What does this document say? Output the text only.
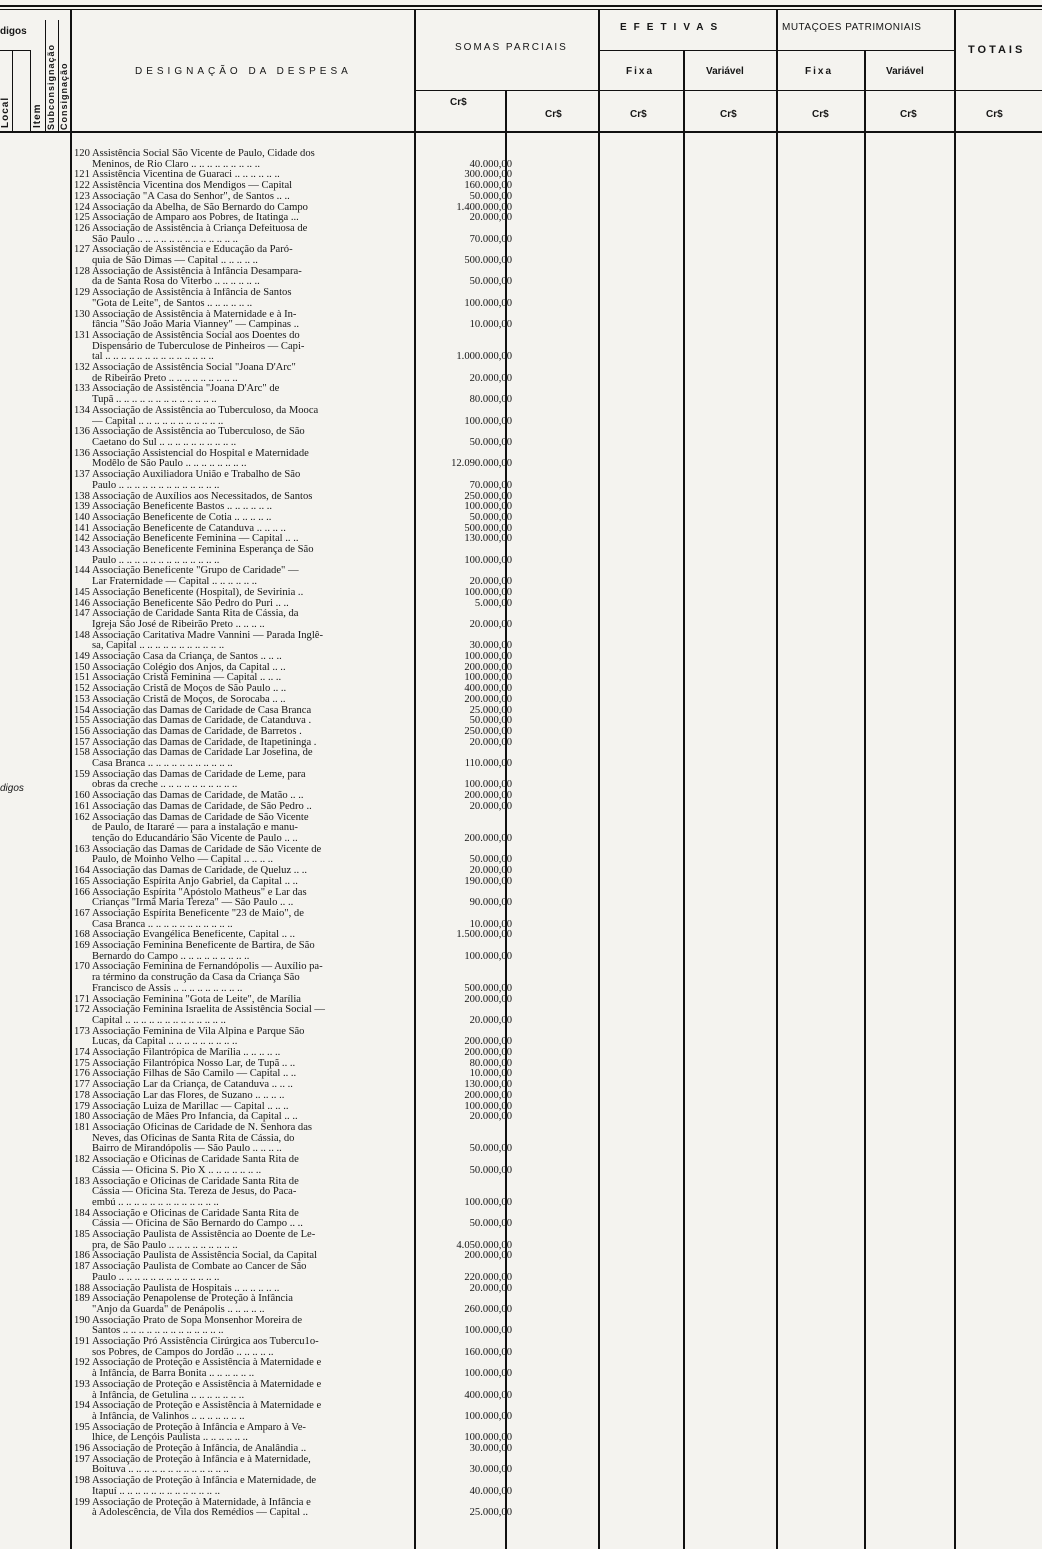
digos
Local Item Subconsignação Consignação	DESIGNAÇÃO DA DESPESA
SOMAS PARCIAIS
EFETIVAS	MUTAÇOES PATRIMONIAIS
TOTAIS
Fixa	Variável	Fixa	Variável
Cr$
Cr$	Cr$	Cr$	Cr$	Cr$	Cr$
digos
120 Assistência Social São Vicente de Paulo, Cidade dos
Meninos, de Rio Claro .. .. .. .. .. .. .. .. ..	40.000,00
121 Assistência Vicentina de Guaraci .. .. .. .. .. ..	300.000,00
122 Assistência Vicentina dos Mendigos — Capital	160.000,00
123 Associação "A Casa do Senhor", de Santos .. ..	50.000,00
124 Associação da Abelha, de São Bernardo do Campo	1.400.000,00
125 Associação de Amparo aos Pobres, de Itatinga ...	20.000,00
126 Associação de Assistência à Criança Defeituosa de
São Paulo .. .. .. .. .. .. .. .. .. .. .. .. ..	70.000,00
127 Associação de Assistência e Educação da Paró-
quia de São Dimas — Capital .. .. .. .. ..	500.000,00
128 Associação de Assistência à Infância Desampara-
da de Santa Rosa do Viterbo .. .. .. .. .. ..	50.000,00
129 Associação de Assistência à Infância de Santos
"Gota de Leite", de Santos .. .. .. .. .. ..	100.000,00
130 Associação de Assistência à Maternidade e à In-
fância "São João Maria Vianney" — Campinas ..	10.000,00
131 Associação de Assistência Social aos Doentes do
Dispensário de Tuberculose de Pinheiros — Capi-
tal .. .. .. .. .. .. .. .. .. .. .. .. .. ..	1.000.000,00
132 Associação de Assistência Social "Joana D'Arc"
de Ribeirão Preto .. .. .. .. .. .. .. .. ..	20.000,00
133 Associação de Assistência "Joana D'Arc" de
Tupã .. .. .. .. .. .. .. .. .. .. .. .. ..	80.000,00
134 Associação de Assistência ao Tuberculoso, da Mooca
— Capital .. .. .. .. .. .. .. .. .. .. ..	100.000,00
136 Associação de Assistência ao Tuberculoso, de São
Caetano do Sul .. .. .. .. .. .. .. .. .. ..	50.000,00
136 Associação Assistencial do Hospital e Maternidade
Modêlo de São Paulo .. .. .. .. .. .. .. ..	12.090.000,00
137 Associação Auxiliadora União e Trabalho de São
Paulo .. .. .. .. .. .. .. .. .. .. .. .. ..	70.000,00
138 Associação de Auxílios aos Necessitados, de Santos	250.000,00
139 Associação Beneficente Bastos .. .. .. .. .. ..	100.000,00
140 Associação Beneficente de Cotia .. .. .. .. ..	50.000,00
141 Associação Beneficente de Catanduva .. .. .. ..	500.000,00
142 Associação Beneficente Feminina — Capital .. ..	130.000,00
143 Associação Beneficente Feminina Esperança de São
Paulo .. .. .. .. .. .. .. .. .. .. .. .. ..	100.000,00
144 Associação Beneficente "Grupo de Caridade" —
Lar Fraternidade — Capital .. .. .. .. .. ..	20.000,00
145 Associação Beneficente (Hospital), de Sevirinia ..	100.000,00
146 Associação Beneficente São Pedro do Puri .. ..	5.000,00
147 Associação de Caridade Santa Rita de Cássia, da
Igreja São José de Ribeirão Preto .. .. .. ..	20.000,00
148 Associação Caritativa Madre Vannini — Parada Inglê-
sa, Capital .. .. .. .. .. .. .. .. .. .. ..	30.000,00
149 Associação Casa da Criança, de Santos .. .. ..	100.000,00
150 Associação Colégio dos Anjos, da Capital .. ..	200.000,00
151 Associação Cristã Feminina — Capital .. .. ..	100.000,00
152 Associação Cristã de Moços de São Paulo .. ..	400.000,00
153 Associação Cristã de Moços, de Sorocaba .. ..	200.000,00
154 Associação das Damas de Caridade de Casa Branca	25.000,00
155 Associação das Damas de Caridade, de Catanduva .	50.000,00
156 Associação das Damas de Caridade, de Barretos .	250.000,00
157 Associação das Damas de Caridade, de Itapetininga .	20.000,00
158 Associação das Damas de Caridade Lar Josefina, de
Casa Branca .. .. .. .. .. .. .. .. .. .. ..	110.000,00
159 Associação das Damas de Caridade de Leme, para
obras da creche .. .. .. .. .. .. .. .. .. ..	100.000,00
160 Associação das Damas de Caridade, de Matão .. ..	200.000,00
161 Associação das Damas de Caridade, de São Pedro ..	20.000,00
162 Associação das Damas de Caridade de São Vicente
de Paulo, de Itararé — para a instalação e manu-
tenção do Educandário São Vicente de Paulo .. ..	200.000,00
163 Associação das Damas de Caridade de São Vicente de
Paulo, de Moinho Velho — Capital .. .. .. ..	50.000,00
164 Associação das Damas de Caridade, de Queluz .. ..	20.000,00
165 Associação Espírita Anjo Gabriel, da Capital .. ..	190.000,00
166 Associação Espírita "Apóstolo Matheus" e Lar das
Crianças "Irmã Maria Tereza" — São Paulo .. ..	90.000,00
167 Associação Espírita Beneficente "23 de Maio", de
Casa Branca .. .. .. .. .. .. .. .. .. .. ..	10.000,00
168 Associação Evangélica Beneficente, Capital .. ..	1.500.000,00
169 Associação Feminina Beneficente de Bartira, de São
Bernardo do Campo .. .. .. .. .. .. .. .. ..	100.000,00
170 Associação Feminina de Fernandópolis — Auxílio pa-
ra término da construção da Casa da Criança São
Francisco de Assis .. .. .. .. .. .. .. .. ..	500.000,00
171 Associação Feminina "Gota de Leite", de Marília	200.000,00
172 Associação Feminina Israelita de Assistência Social —
Capital .. .. .. .. .. .. .. .. .. .. .. .. ..	20.000,00
173 Associação Feminina de Vila Alpina e Parque São
Lucas, da Capital .. .. .. .. .. .. .. .. ..	200.000,00
174 Associação Filantrópica de Marília .. .. .. .. ..	200.000,00
175 Associação Filantrópica Nosso Lar, de Tupã .. ..	80.000,00
176 Associação Filhas de São Camilo — Capital .. ..	10.000,00
177 Associação Lar da Criança, de Catanduva .. .. ..	130.000,00
178 Associação Lar das Flores, de Suzano .. .. .. ..	200.000,00
179 Associação Luiza de Marillac — Capital .. .. ..	100.000,00
180 Associação de Mães Pro Infancia, da Capital .. ..	20.000,00
181 Associação Oficinas de Caridade de N. Senhora das
Neves, das Oficinas de Santa Rita de Cássia, do
Bairro de Mirandópolis — São Paulo .. .. .. ..	50.000,00
182 Associação e Oficinas de Caridade Santa Rita de
Cássia — Oficina S. Pio X .. .. .. .. .. .. ..	50.000,00
183 Associação e Oficinas de Caridade Santa Rita de
Cássia — Oficina Sta. Tereza de Jesus, do Paca-
embú .. .. .. .. .. .. .. .. .. .. .. .. ..	100.000,00
184 Associação e Oficinas de Caridade Santa Rita de
Cássia — Oficina de São Bernardo do Campo .. ..	50.000,00
185 Associação Paulista de Assistência ao Doente de Le-
pra, de São Paulo .. .. .. .. .. .. .. .. ..	4.050.000,00
186 Associação Paulista de Assistência Social, da Capital	200.000,00
187 Associação Paulista de Combate ao Cancer de São
Paulo .. .. .. .. .. .. .. .. .. .. .. .. ..	220.000,00
188 Associação Paulista de Hospitais .. .. .. .. .. ..	20.000,00
189 Associação Penapolense de Proteção à Infância
"Anjo da Guarda" de Penápolis .. .. .. .. ..	260.000,00
190 Associação Prato de Sopa Monsenhor Moreira de
Santos .. .. .. .. .. .. .. .. .. .. .. .. ..	100.000,00
191 Associação Pró Assistência Cirúrgica aos Tubercu1o-
sos Pobres, de Campos do Jordão .. .. .. .. ..	160.000,00
192 Associação de Proteção e Assistência à Maternidade e
à Infância, de Barra Bonita .. .. .. .. .. ..	100.000,00
193 Associação de Proteção e Assistência à Maternidade e
à Infância, de Getulina .. .. .. .. .. .. ..	400.000,00
194 Associação de Proteção e Assistência à Maternidade e
à Infância, de Valinhos .. .. .. .. .. .. ..	100.000,00
195 Associação de Proteção à Infância e Amparo à Ve-
lhice, de Lençóis Paulista .. .. .. .. .. ..	100.000,00
196 Associação de Proteção à Infância, de Analândia ..	30.000,00
197 Associação de Proteção à Infância e à Maternidade,
Boituva .. .. .. .. .. .. .. .. .. .. .. .. ..	30.000,00
198 Associação de Proteção à Infância e Maternidade, de
Itapuí .. .. .. .. .. .. .. .. .. .. .. .. ..	40.000,00
199 Associação de Proteção à Maternidade, à Infância e
à Adolescência, de Vila dos Remédios — Capital ..	25.000,00
